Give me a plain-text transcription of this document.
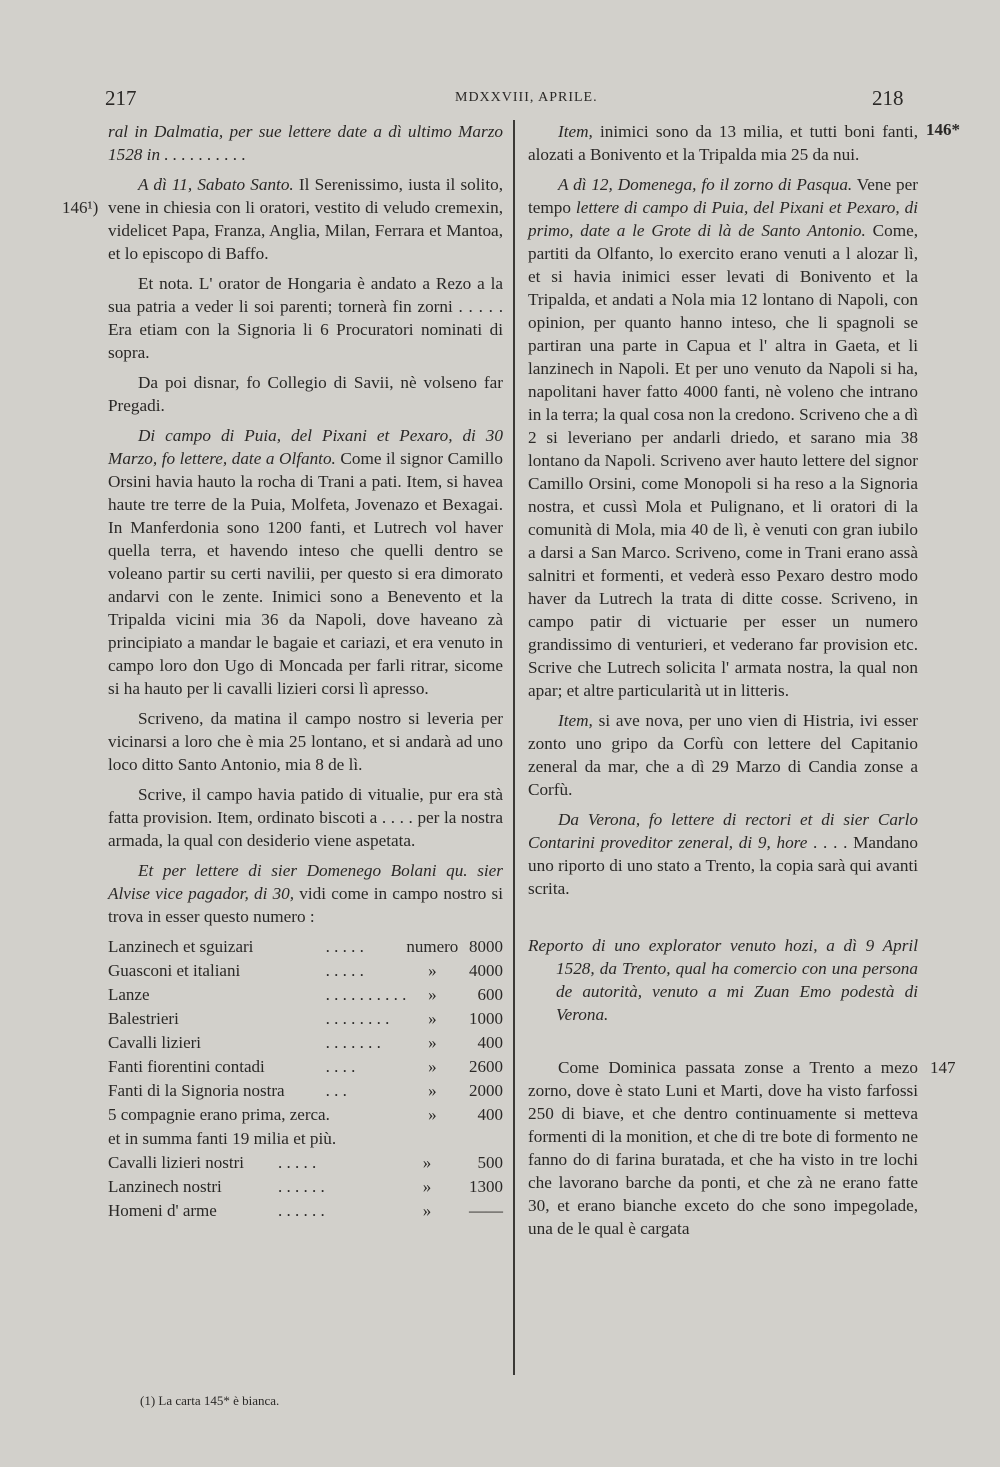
217	MDXXVIII, APRILE.	218
146¹)
146*
147

ral in Dalmatia, per sue lettere date a dì ultimo Marzo 1528 in . . . . . . . . . .

A dì 11, Sabato Santo. Il Serenissimo, iusta il solito, vene in chiesia con li oratori, vestito di veludo cremexin, videlicet Papa, Franza, Anglia, Milan, Ferrara et Mantoa, et lo episcopo di Baffo.

Et nota. L' orator de Hongaria è andato a Rezo a la sua patria a veder li soi parenti; tornerà fin zorni . . . . . Era etiam con la Signoria li 6 Procuratori nominati di sopra.

Da poi disnar, fo Collegio di Savii, nè volseno far Pregadi.

Di campo di Puia, del Pixani et Pexaro, di 30 Marzo, fo lettere, date a Olfanto. Come il signor Camillo Orsini havia hauto la rocha di Trani a pati. Item, si havea haute tre terre de la Puia, Molfeta, Jovenazo et Bexagai. In Manferdonia sono 1200 fanti, et Lutrech vol haver quella terra, et havendo inteso che quelli dentro se voleano partir su certi navilii, per questo si era dimorato andarvi con le zente. Inimici sono a Benevento et la Tripalda vicini mia 36 da Napoli, dove haveano zà principiato a mandar le bagaie et cariazi, et era venuto in campo loro don Ugo di Moncada per farli ritrar, sicome si ha hauto per li cavalli lizieri corsi lì apresso.

Scriveno, da matina il campo nostro si leveria per vicinarsi a loro che è mia 25 lontano, et si andarà ad uno loco ditto Santo Antonio, mia 8 de lì.

Scrive, il campo havia patido di vitualie, pur era stà fatta provision. Item, ordinato biscoti a . . . . per la nostra armada, la qual con desiderio viene aspetata.

Et per lettere di sier Domenego Bolani qu. sier Alvise vice pagador, di 30, vidi come in campo nostro si trova in esser questo numero :

Lanzinech et sguizari	. . . . .	numero	8000
Guasconi et italiani	. . . . .	»	4000
Lanze	. . . . . . . . . .	»	600
Balestrieri	. . . . . . . .	»	1000
Cavalli lizieri	. . . . . . .	»	400
Fanti fiorentini contadi	. . . .	»	2600
Fanti di la Signoria nostra	. . .	»	2000
5 compagnie erano prima, zerca	.	»	400
et in summa fanti 19 milia et più.
Cavalli lizieri nostri	. . . . .	»	500
Lanzinech nostri	. . . . . .	»	1300
Homeni d' arme	. . . . . .	»	——

Item, inimici sono da 13 milia, et tutti boni fanti, alozati a Bonivento et la Tripalda mia 25 da nui.

A dì 12, Domenega, fo il zorno di Pasqua. Vene per tempo lettere di campo di Puia, del Pixani et Pexaro, di primo, date a le Grote di là de Santo Antonio. Come, partiti da Olfanto, lo exercito erano venuti a l alozar lì, et si havia inimici esser levati di Bonivento et la Tripalda, et andati a Nola mia 12 lontano di Napoli, con opinion, per quanto hanno inteso, che li spagnoli se partiran una parte in Capua et l' altra in Gaeta, et li lanzinech in Napoli. Et per uno venuto da Napoli si ha, napolitani haver fatto 4000 fanti, nè voleno che intrano in la terra; la qual cosa non la credono. Scriveno che a dì 2 si leveriano per andarli driedo, et sarano mia 38 lontano da Napoli. Scriveno aver hauto lettere del signor Camillo Orsini, come Monopoli si ha reso a la Signoria nostra, et cussì Mola et Pulignano, et li oratori di la comunità di Mola, mia 40 de lì, è venuti con gran iubilo a darsi a San Marco. Scriveno, come in Trani erano assà salnitri et formenti, et vederà esso Pexaro destro modo haver da Lutrech la trata di ditte cosse. Scriveno, in campo patir di victuarie per esser un numero grandissimo di venturieri, et vederano far provision etc. Scrive che Lutrech solicita l' armata nostra, la qual non apar; et altre particularità ut in litteris.

Item, si ave nova, per uno vien di Histria, ivi esser zonto uno gripo da Corfù con lettere del Capitanio zeneral da mar, che a dì 29 Marzo di Candia zonse a Corfù.

Da Verona, fo lettere di rectori et di sier Carlo Contarini proveditor zeneral, di 9, hore . . . . Mandano uno riporto di uno stato a Trento, la copia sarà qui avanti scrita.

Reporto di uno explorator venuto hozi, a dì 9 April 1528, da Trento, qual ha comercio con una persona de autorità, venuto a mi Zuan Emo podestà di Verona.

Come Dominica passata zonse a Trento a mezo zorno, dove è stato Luni et Marti, dove ha visto farfossi 250 di biave, et che dentro continuamente si metteva formenti di la monition, et che di tre bote di formento ne fanno do di farina buratada, et che ha visto in tre lochi che lavorano barche da ponti, et che zà ne erano fatte 30, et erano bianche exceto do che sono impegolade, una de le qual è cargata

(1) La carta 145* è bianca.
